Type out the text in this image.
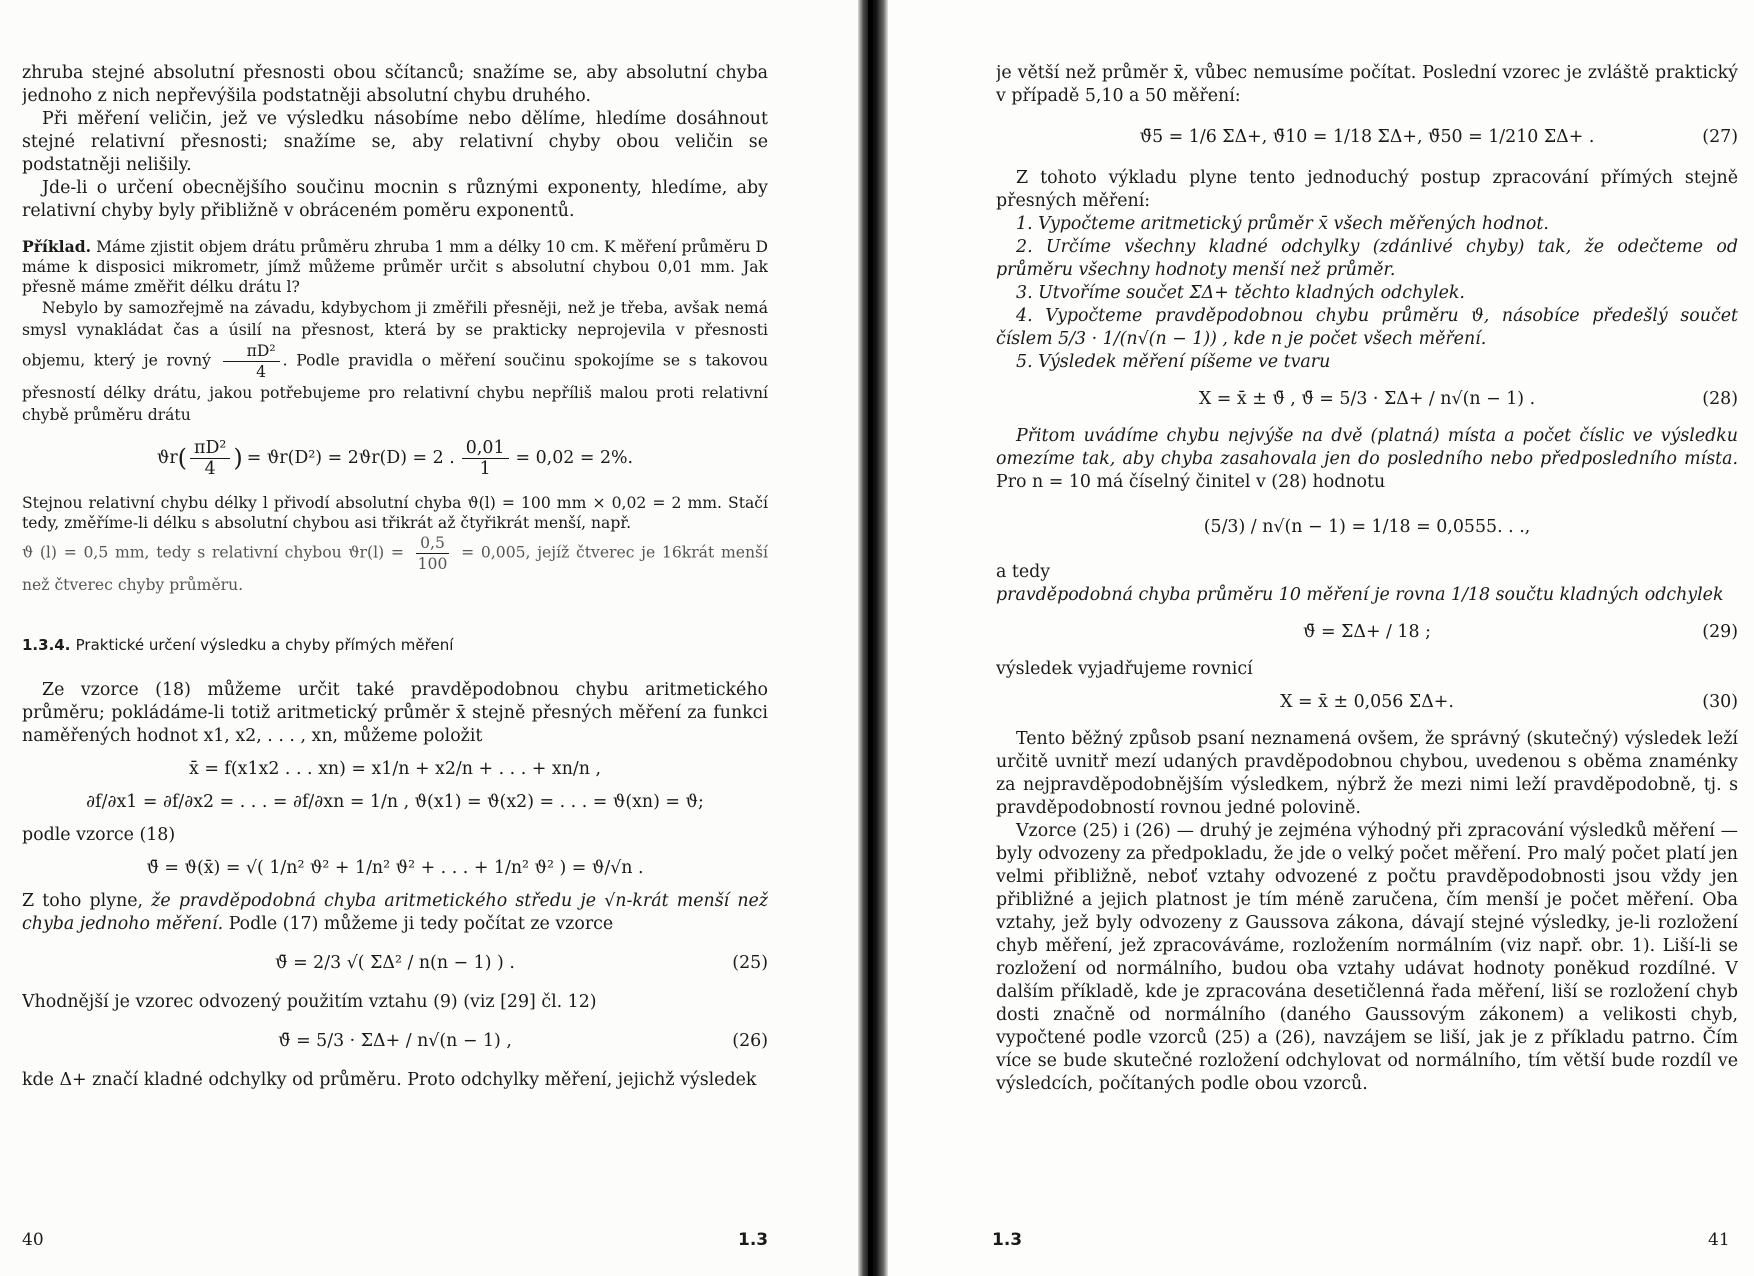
zhruba stejné absolutní přesnosti obou sčítanců; snažíme se, aby absolutní chyba jednoho z nich nepřevýšila podstatněji absolutní chybu druhého.

Při měření veličin, jež ve výsledku násobíme nebo dělíme, hledíme dosáhnout stejné relativní přesnosti; snažíme se, aby relativní chyby obou veličin se podstatněji nelišily.

Jde-li o určení obecnějšího součinu mocnin s různými exponenty, hledíme, aby relativní chyby byly přibližně v obráceném poměru exponentů.

Příklad. Máme zjistit objem drátu průměru zhruba 1 mm a délky 10 cm. K měření průměru D máme k disposici mikrometr, jímž můžeme průměr určit s absolutní chybou 0,01 mm. Jak přesně máme změřit délku drátu l?

Nebylo by samozřejmě na závadu, kdybychom ji změřili přesněji, než je třeba, avšak nemá smysl vynakládat čas a úsilí na přesnost, která by se prakticky neprojevila v přesnosti objemu, který je rovný $\frac{\text{πD²}}{4}$ . Podle pravidla o měření součinu spokojíme se s takovou přesností délky drátu, jakou potřebujeme pro relativní chybu nepříliš malou proti relativní chybě průměru drátu

ϑr ( $\frac{\text{πD²}}{4}$ ) = ϑr(D²) = 2ϑr(D) = 2 . $\frac{0,01}{1} = 0,02 = 2\%$.

Stejnou relativní chybu délky l přivodí absolutní chyba ϑ(l) = 100 mm × 0,02 = 2 mm. Stačí tedy, změříme-li délku s absolutní chybou asi třikrát až čtyřikrát menší, např.

ϑ (l) = 0,5 mm, tedy s relativní chybou $ϑr(l) = \frac{0,5}{100} = 0,005$, jejíž čtverec je 16krát menší než čtverec chyby průměru.

1.3.4. Praktické určení výsledku a chyby přímých měření

Ze vzorce (18) můžeme určit také pravděpodobnou chybu aritmetického průměru; pokládáme-li totiž aritmetický průměr x̄ stejně přesných měření za funkci naměřených hodnot x1, x2, . . . , xn, můžeme položit

x̄ = f(x1x2 . . . xn) = x1/n + x2/n + . . . + xn/n ,
∂f/∂x1 = ∂f/∂x2 = . . . = ∂f/∂xn = 1/n , ϑ(x1) = ϑ(x2) = . . . = ϑ(xn) = ϑ;

podle vzorce (18)

ϑ̄ = ϑ(x̄) = √( 1/n² ϑ² + 1/n² ϑ² + . . . + 1/n² ϑ² ) = ϑ/√n .

Z toho plyne, že pravděpodobná chyba aritmetického středu je √n-krát menší než chyba jednoho měření. Podle (17) můžeme ji tedy počítat ze vzorce

ϑ̄ = 2/3 √( ΣΔ² / n(n − 1) ) .	(25)

Vhodnější je vzorec odvozený použitím vztahu (9) (viz [29] čl. 12)

ϑ̄ = 5/3 · ΣΔ+ / n√(n − 1) ,	(26)

kde Δ+ značí kladné odchylky od průměru. Proto odchylky měření, jejichž výsledek

40	1.3

je větší než průměr x̄, vůbec nemusíme počítat. Poslední vzorec je zvláště praktický v případě 5,10 a 50 měření:

ϑ̄5 = 1/6 ΣΔ+, ϑ̄10 = 1/18 ΣΔ+, ϑ̄50 = 1/210 ΣΔ+ .	(27)

Z tohoto výkladu plyne tento jednoduchý postup zpracování přímých stejně přesných měření:

1. Vypočteme aritmetický průměr x̄ všech měřených hodnot.

2. Určíme všechny kladné odchylky (zdánlivé chyby) tak, že odečteme od průměru všechny hodnoty menší než průměr.

3. Utvoříme součet ΣΔ+ těchto kladných odchylek.

4. Vypočteme pravděpodobnou chybu průměru ϑ, násobíce předešlý součet číslem 5/3 · 1/(n√(n − 1)) , kde n je počet všech měření.

5. Výsledek měření píšeme ve tvaru

X = x̄ ± ϑ̄ , ϑ̄ = 5/3 · ΣΔ+ / n√(n − 1) .	(28)

Přitom uvádíme chybu nejvýše na dvě (platná) místa a počet číslic ve výsledku omezíme tak, aby chyba zasahovala jen do posledního nebo předposledního místa. Pro n = 10 má číselný činitel v (28) hodnotu

(5/3) / n√(n − 1) = 1/18 = 0,0555. . .,

a tedy

pravděpodobná chyba průměru 10 měření je rovna 1/18 součtu kladných odchylek

ϑ̄ = ΣΔ+ / 18 ;	(29)

výsledek vyjadřujeme rovnicí

X = x̄ ± 0,056 ΣΔ+.	(30)

Tento běžný způsob psaní neznamená ovšem, že správný (skutečný) výsledek leží určitě uvnitř mezí udaných pravděpodobnou chybou, uvedenou s oběma znaménky za nejpravděpodobnějším výsledkem, nýbrž že mezi nimi leží pravděpodobně, tj. s pravděpodobností rovnou jedné polovině.

Vzorce (25) i (26) — druhý je zejména výhodný při zpracování výsledků měření — byly odvozeny za předpokladu, že jde o velký počet měření. Pro malý počet platí jen velmi přibližně, neboť vztahy odvozené z počtu pravděpodobnosti jsou vždy jen přibližné a jejich platnost je tím méně zaručena, čím menší je počet měření. Oba vztahy, jež byly odvozeny z Gaussova zákona, dávají stejné výsledky, je-li rozložení chyb měření, jež zpracováváme, rozložením normálním (viz např. obr. 1). Liší-li se rozložení od normálního, budou oba vztahy udávat hodnoty poněkud rozdílné. V dalším příkladě, kde je zpracována desetičlenná řada měření, liší se rozložení chyb dosti značně od normálního (daného Gaussovým zákonem) a velikosti chyb, vypočtené podle vzorců (25) a (26), navzájem se liší, jak je z příkladu patrno. Čím více se bude skutečné rozložení odchylovat od normálního, tím větší bude rozdíl ve výsledcích, počítaných podle obou vzorců.

1.3	41
